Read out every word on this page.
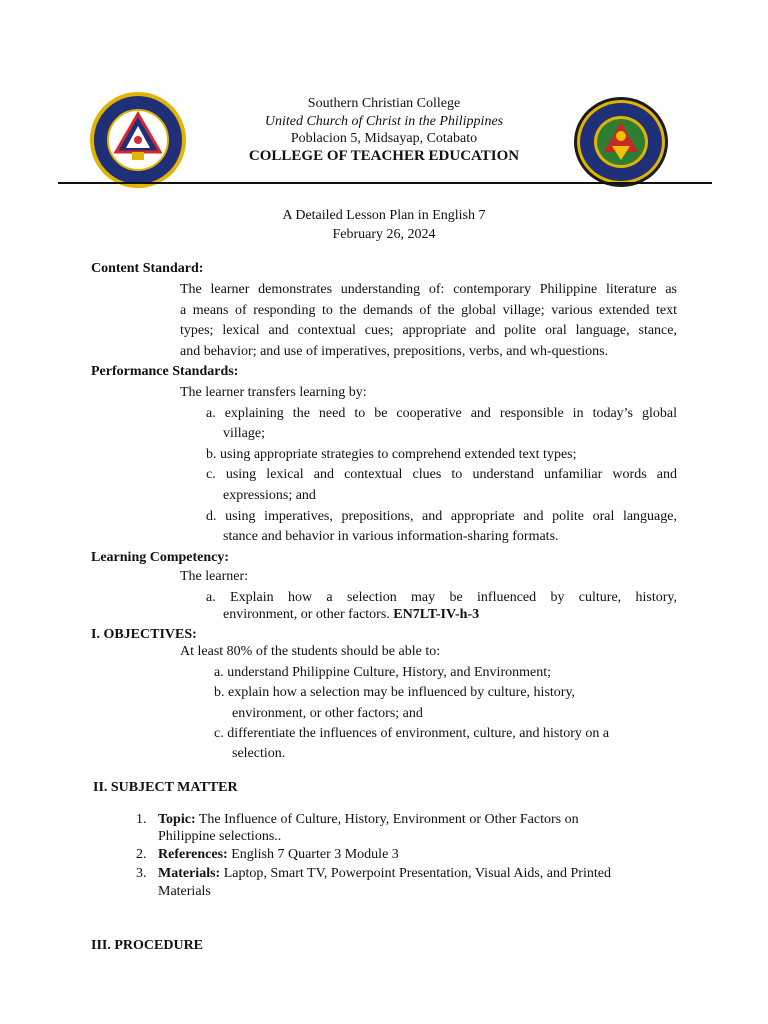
Southern Christian College
United Church of Christ in the Philippines
Poblacion 5, Midsayap, Cotabato
COLLEGE OF TEACHER EDUCATION
A Detailed Lesson Plan in English 7
February 26, 2024
Content Standard:
The learner demonstrates understanding of: contemporary Philippine literature as
a means of responding to the demands of the global village; various extended text
types; lexical and contextual cues; appropriate and polite oral language, stance,
and behavior; and use of imperatives, prepositions, verbs, and wh-questions.
Performance Standards:
The learner transfers learning by:
a. explaining the need to be cooperative and responsible in today’s global
village;
b. using appropriate strategies to comprehend extended text types;
c. using lexical and contextual clues to understand unfamiliar words and
expressions; and
d. using imperatives, prepositions, and appropriate and polite oral language,
stance and behavior in various information-sharing formats.
Learning Competency:
The learner:
a. Explain how a selection may be influenced by culture, history,
environment, or other factors. EN7LT-IV-h-3
I. OBJECTIVES:
At least 80% of the students should be able to:
a. understand Philippine Culture, History, and Environment;
b. explain how a selection may be influenced by culture, history,
environment, or other factors; and
c. differentiate the influences of environment, culture, and history on a
selection.
II. SUBJECT MATTER
1. Topic: The Influence of Culture, History, Environment or Other Factors on
Philippine selections..
2. References: English 7 Quarter 3 Module 3
3. Materials: Laptop, Smart TV, Powerpoint Presentation, Visual Aids, and Printed
Materials
III. PROCEDURE
